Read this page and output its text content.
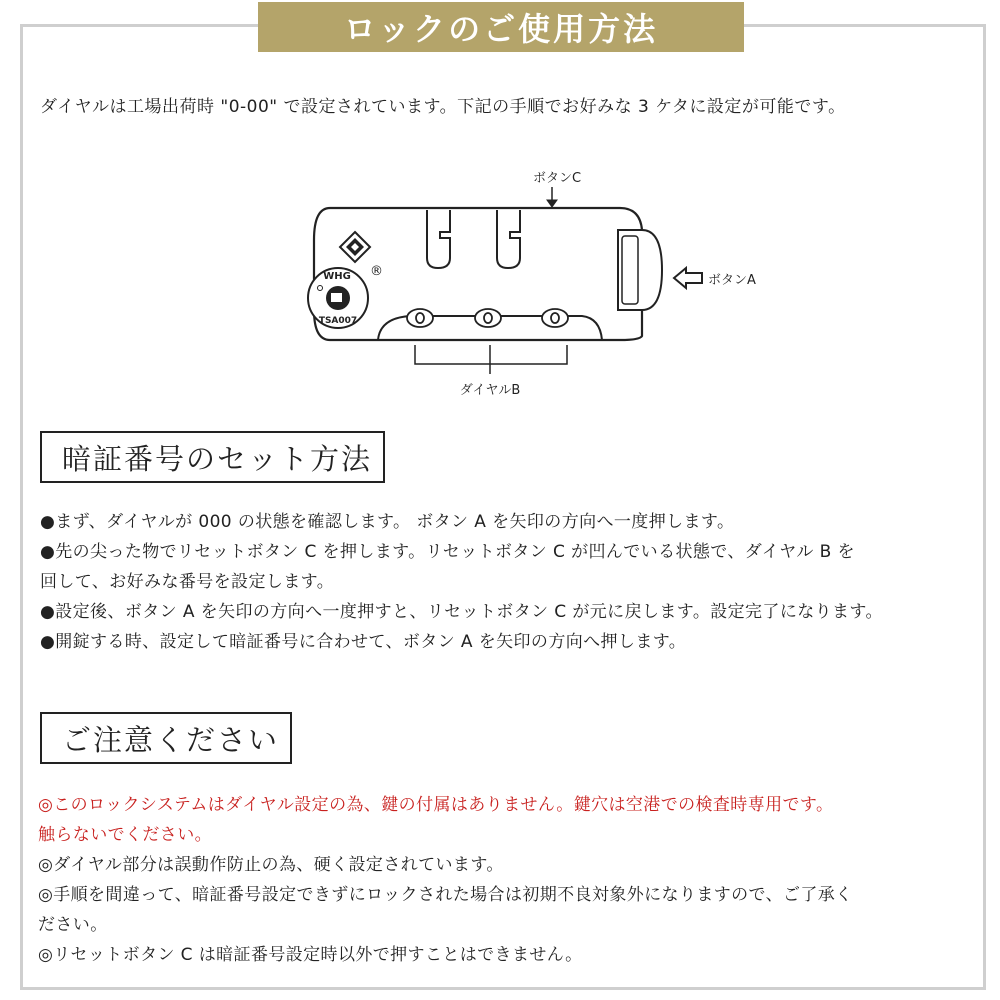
ロックのご使用方法
ダイヤルは工場出荷時 "0-00" で設定されています。下記の手順でお好みな 3 ケタに設定が可能です。
ボタンC
ボタンA
®
WHG
TSA007
ダイヤルB
暗証番号のセット方法

●まず、ダイヤルが 000 の状態を確認します。 ボタン A を矢印の方向へ一度押します。

●先の尖った物でリセットボタン C を押します。リセットボタン C が凹んでいる状態で、ダイヤル B を

回して、お好みな番号を設定します。

●設定後、ボタン A を矢印の方向へ一度押すと、リセットボタン C が元に戻します。設定完了になります。

●開錠する時、設定して暗証番号に合わせて、ボタン A を矢印の方向へ押します。

ご注意ください

◎このロックシステムはダイヤル設定の為、鍵の付属はありません。鍵穴は空港での検査時専用です。

触らないでください。

◎ダイヤル部分は誤動作防止の為、硬く設定されています。

◎手順を間違って、暗証番号設定できずにロックされた場合は初期不良対象外になりますので、ご了承く

ださい。

◎リセットボタン C は暗証番号設定時以外で押すことはできません。
